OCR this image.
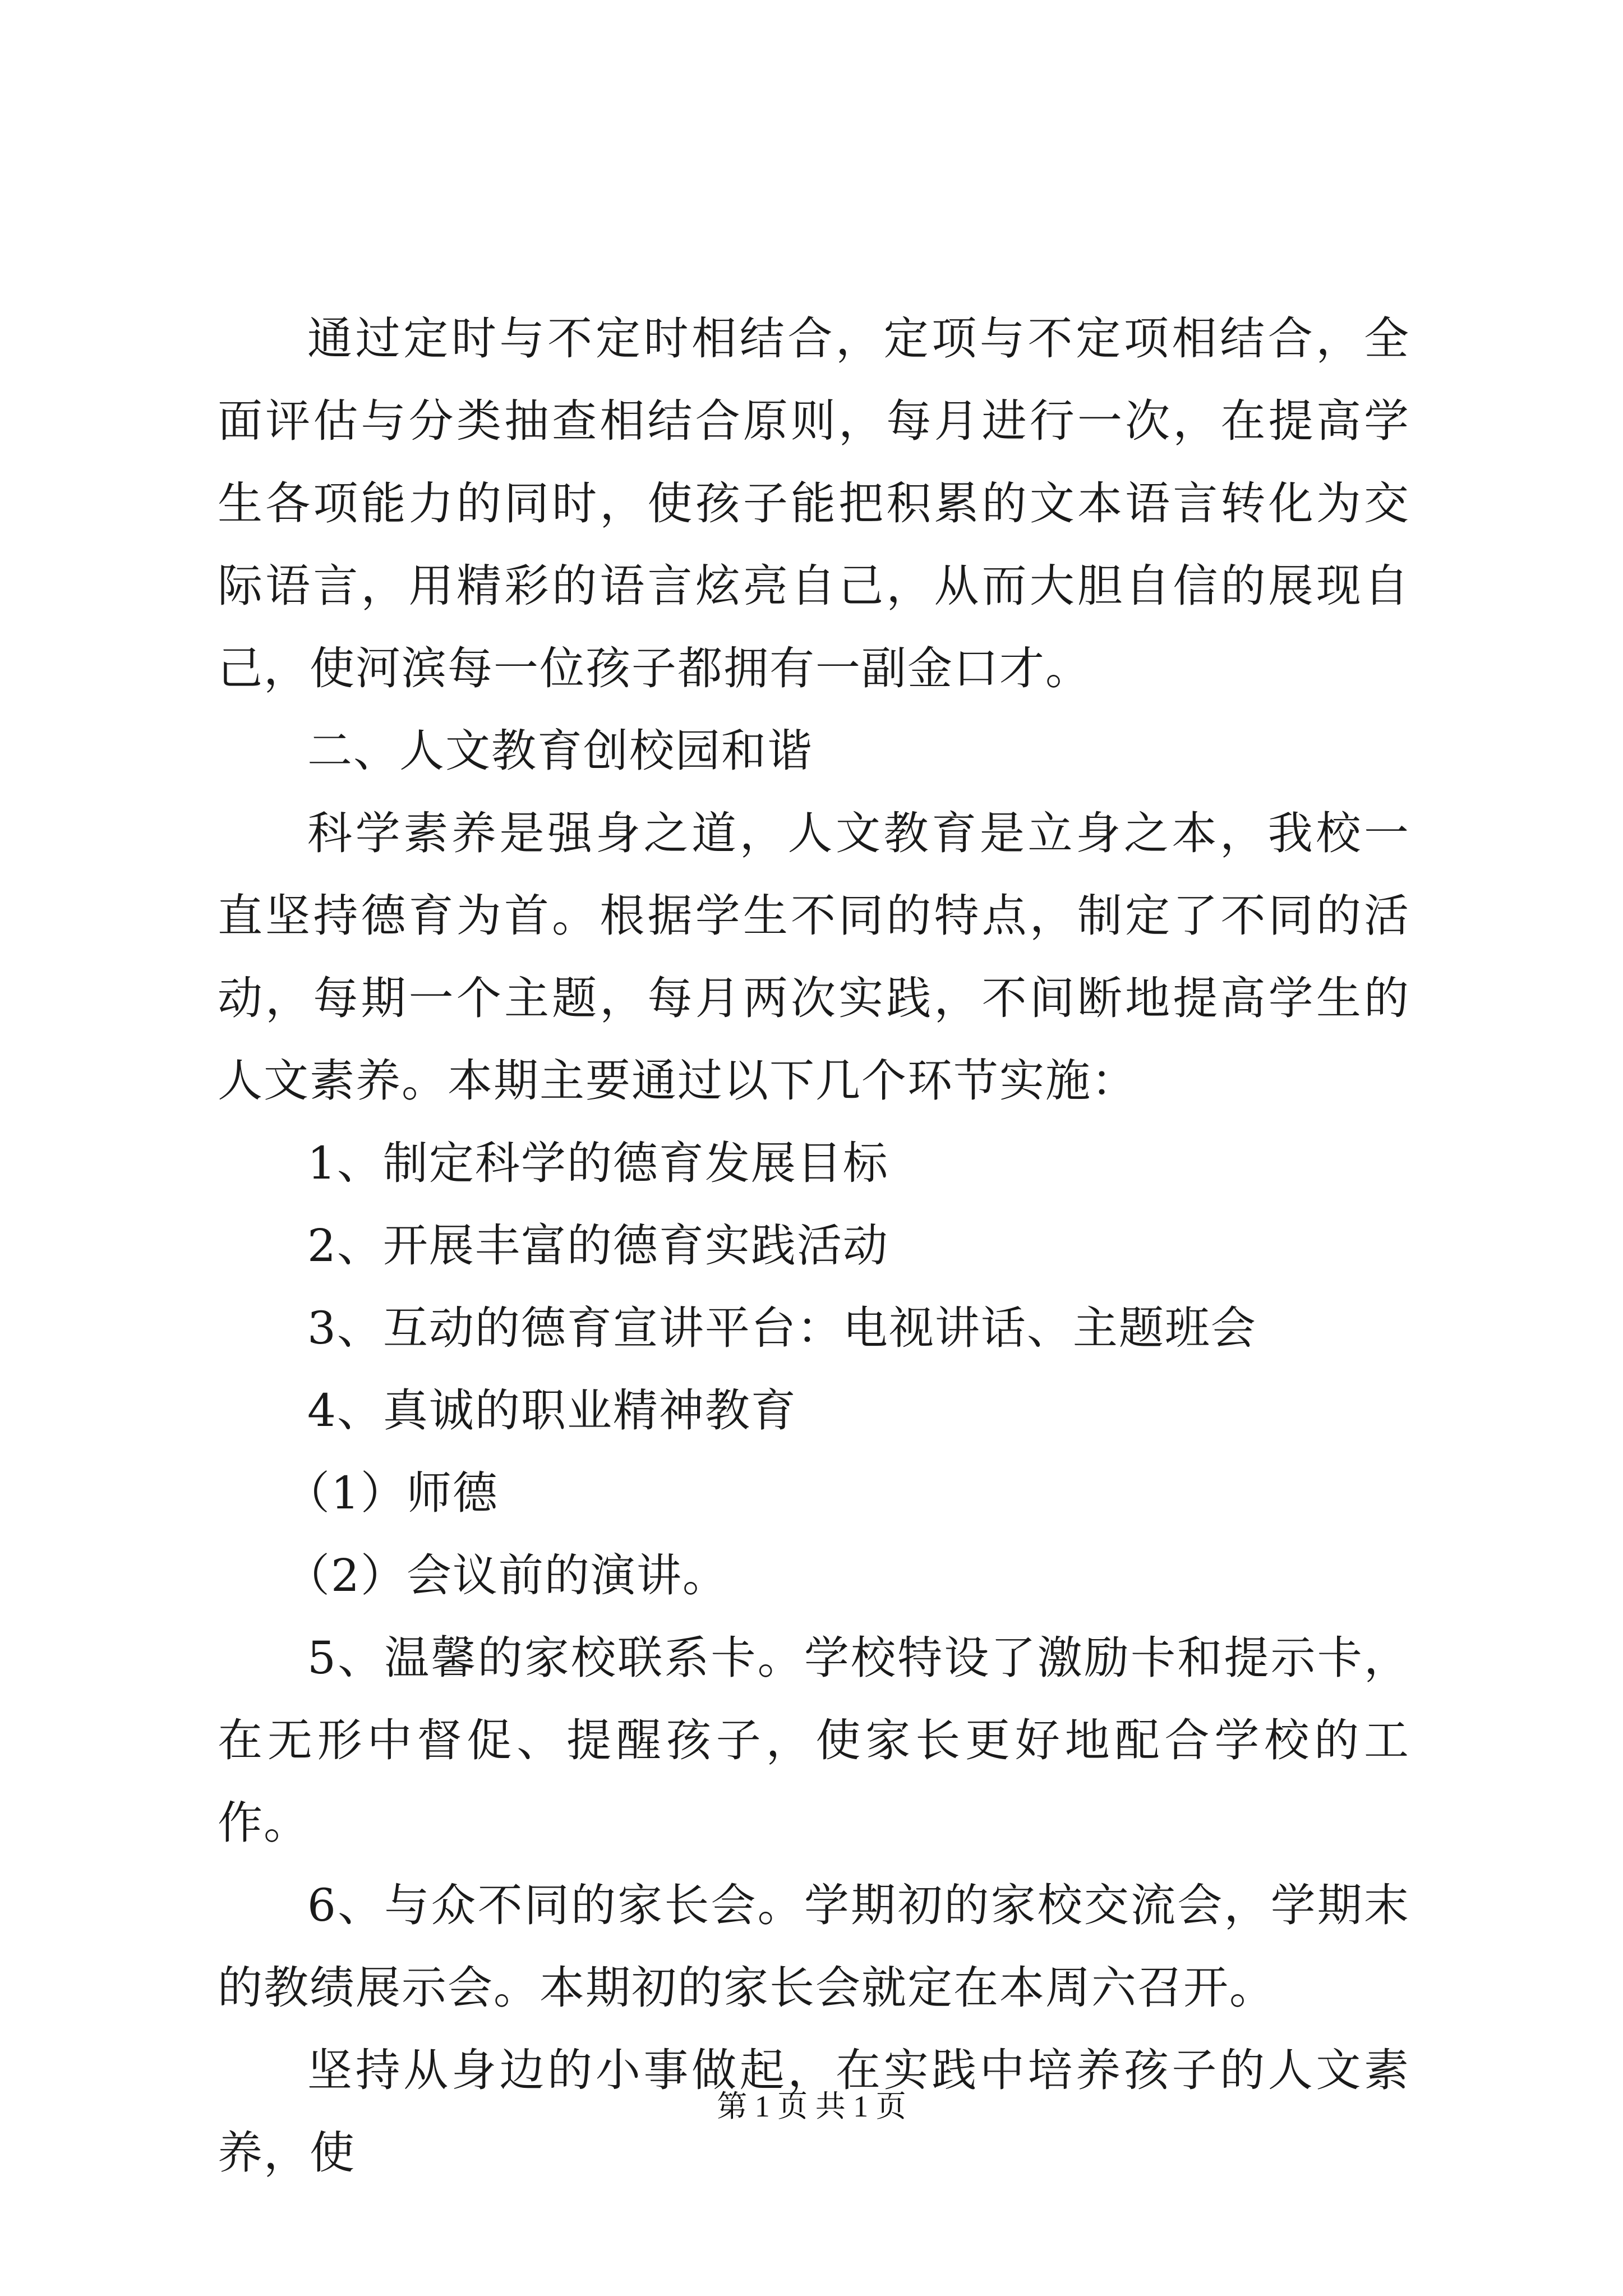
通过定时与不定时相结合，定项与不定项相结合，全面评估与分类抽查相结合原则，每月进行一次，在提高学生各项能力的同时，使孩子能把积累的文本语言转化为交际语言，用精彩的语言炫亮自己，从而大胆自信的展现自己，使河滨每一位孩子都拥有一副金口才。

二、人文教育创校园和谐

科学素养是强身之道，人文教育是立身之本，我校一直坚持德育为首。根据学生不同的特点，制定了不同的活动，每期一个主题，每月两次实践，不间断地提高学生的人文素养。本期主要通过以下几个环节实施：

1、制定科学的德育发展目标

2、开展丰富的德育实践活动

3、互动的德育宣讲平台：电视讲话、主题班会

4、真诚的职业精神教育

（1）师德

（2）会议前的演讲。

5、温馨的家校联系卡。学校特设了激励卡和提示卡，在无形中督促、提醒孩子，使家长更好地配合学校的工作。

6、与众不同的家长会。学期初的家校交流会，学期末的教绩展示会。本期初的家长会就定在本周六召开。

坚持从身边的小事做起，在实践中培养孩子的人文素养，使

第 1 页 共 1 页
